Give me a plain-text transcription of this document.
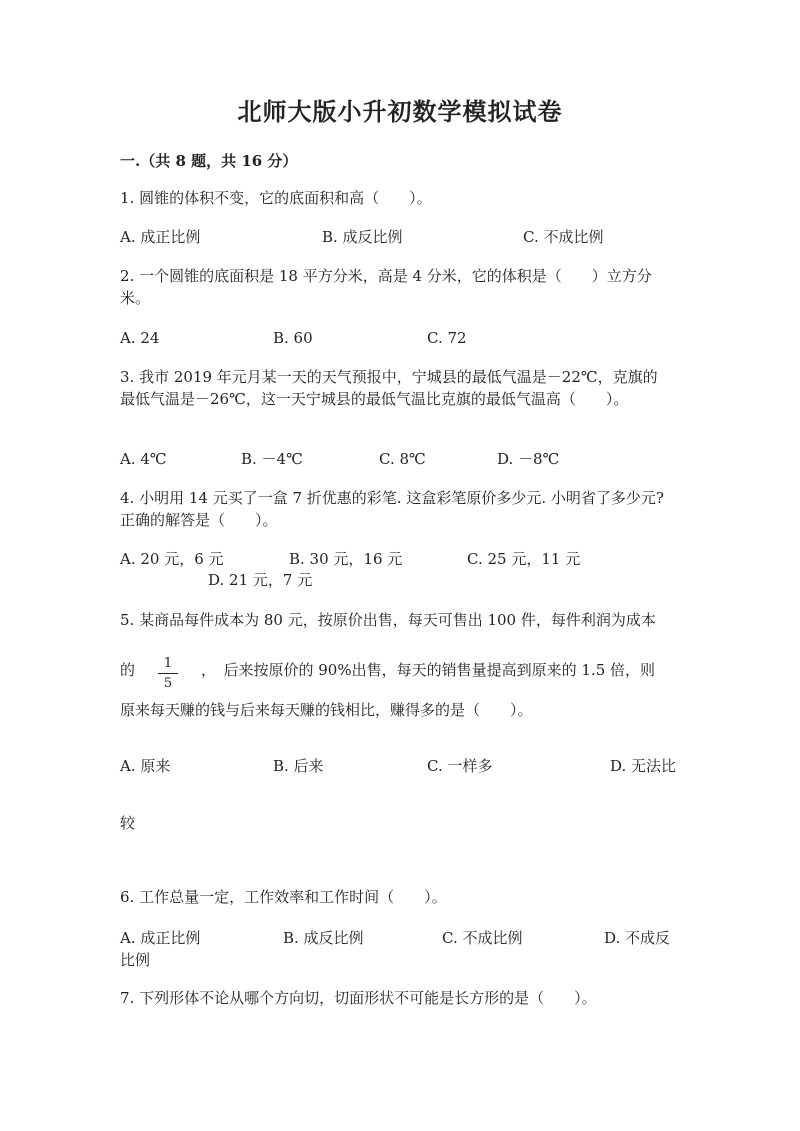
北师大版小升初数学模拟试卷
一.（共 8 题，共 16 分）
1. 圆锥的体积不变，它的底面积和高（　　）。
A. 成正比例	B. 成反比例	C. 不成比例
2. 一个圆锥的底面积是 18 平方分米，高是 4 分米，它的体积是（　　）立方分
米。
A. 24	B. 60	C. 72
3. 我市 2019 年元月某一天的天气预报中，宁城县的最低气温是－22℃，克旗的
最低气温是－26℃，这一天宁城县的最低气温比克旗的最低气温高（　　）。
A. 4℃	B. －4℃	C. 8℃	D. －8℃
4. 小明用 14 元买了一盒 7 折优惠的彩笔. 这盒彩笔原价多少元. 小明省了多少元?
正确的解答是（　　）。
A. 20 元，6 元	B. 30 元，16 元	C. 25 元，11 元
D. 21 元，7 元
5. 某商品每件成本为 80 元，按原价出售，每天可售出 100 件，每件利润为成本
的	1
5
，　后来按原价的 90%出售，每天的销售量提高到原来的 1.5 倍，则
原来每天赚的钱与后来每天赚的钱相比，赚得多的是（　　）。
A. 原来	B. 后来	C. 一样多	D. 无法比
较
6. 工作总量一定，工作效率和工作时间（　　）。
A. 成正比例	B. 成反比例	C. 不成比例	D. 不成反
比例
7. 下列形体不论从哪个方向切，切面形状不可能是长方形的是（　　）。
